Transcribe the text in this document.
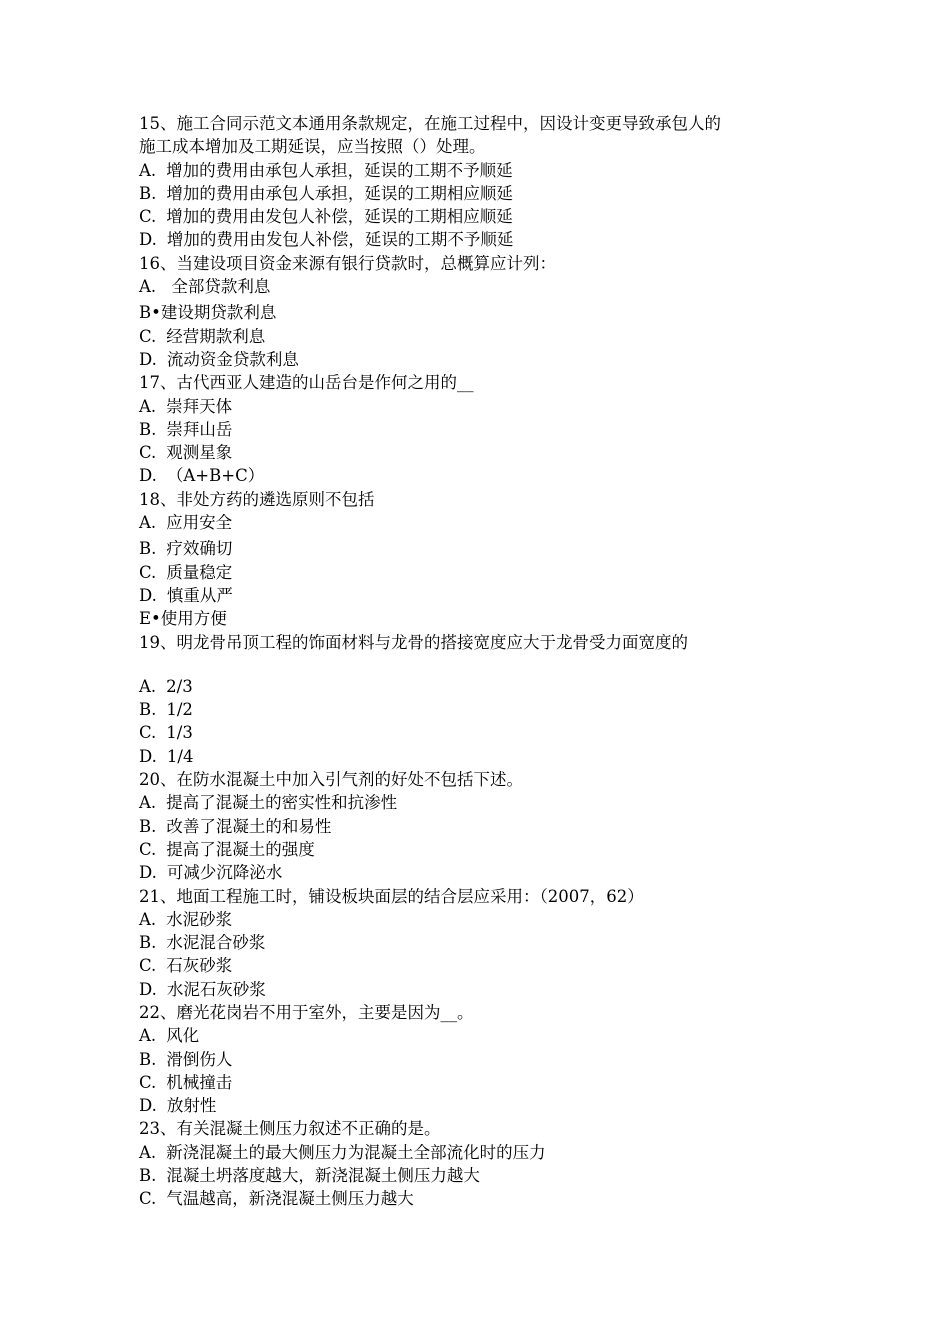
15、施工合同示范文本通用条款规定，在施工过程中，因设计变更导致承包人的
施工成本增加及工期延误，应当按照（）处理。
A. 增加的费用由承包人承担，延误的工期不予顺延
B. 增加的费用由承包人承担，延误的工期相应顺延
C. 增加的费用由发包人补偿，延误的工期相应顺延
D. 增加的费用由发包人补偿，延误的工期不予顺延
16、当建设项目资金来源有银行贷款时，总概算应计列：
A. 全部贷款利息
B•建设期贷款利息
C. 经营期款利息
D. 流动资金贷款利息
17、古代西亚人建造的山岳台是作何之用的__
A. 崇拜天体
B. 崇拜山岳
C. 观测星象
D. （A+B+C）
18、非处方药的遴选原则不包括
A. 应用安全
B. 疗效确切
C. 质量稳定
D. 慎重从严
E•使用方便
19、明龙骨吊顶工程的饰面材料与龙骨的搭接宽度应大于龙骨受力面宽度的
A. 2/3
B. 1/2
C. 1/3
D. 1/4
20、在防水混凝土中加入引气剂的好处不包括下述。
A. 提高了混凝土的密实性和抗渗性
B. 改善了混凝土的和易性
C. 提高了混凝土的强度
D. 可减少沉降泌水
21、地面工程施工时，铺设板块面层的结合层应采用：（2007，62）
A. 水泥砂浆
B. 水泥混合砂浆
C. 石灰砂浆
D. 水泥石灰砂浆
22、磨光花岗岩不用于室外，主要是因为__。
A. 风化
B. 滑倒伤人
C. 机械撞击
D. 放射性
23、有关混凝土侧压力叙述不正确的是。
A. 新浇混凝土的最大侧压力为混凝土全部流化时的压力
B. 混凝土坍落度越大，新浇混凝土侧压力越大
C. 气温越高，新浇混凝土侧压力越大
